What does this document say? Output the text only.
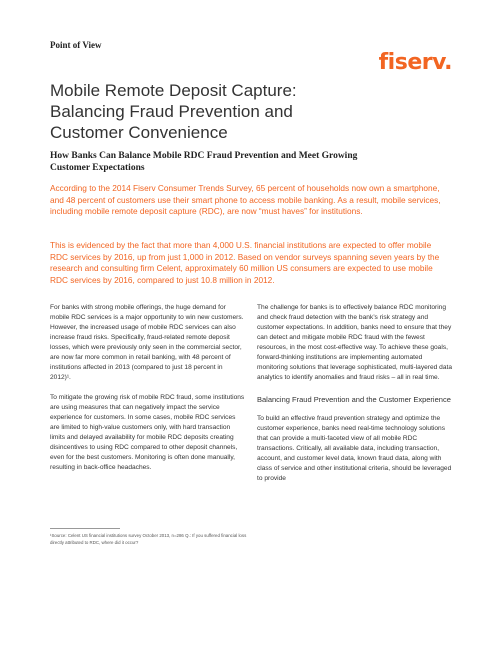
Point of View
fiserv.
Mobile Remote Deposit Capture: Balancing Fraud Prevention and Customer Convenience
How Banks Can Balance Mobile RDC Fraud Prevention and Meet Growing Customer Expectations

According to the 2014 Fiserv Consumer Trends Survey, 65 percent of households now own a smartphone, and 48 percent of customers use their smart phone to access mobile banking. As a result, mobile services, including mobile remote deposit capture (RDC), are now “must haves” for institutions.

This is evidenced by the fact that more than 4,000 U.S. financial institutions are expected to offer mobile RDC services by 2016, up from just 1,000 in 2012. Based on vendor surveys spanning seven years by the research and consulting firm Celent, approximately 60 million US consumers are expected to use mobile RDC services by 2016, compared to just 10.8 million in 2012.

For banks with strong mobile offerings, the huge demand for mobile RDC services is a major opportunity to win new customers. However, the increased usage of mobile RDC services can also increase fraud risks. Specifically, fraud-related remote deposit losses, which were previously only seen in the commercial sector, are now far more common in retail banking, with 48 percent of institutions affected in 2013 (compared to just 18 percent in 2012)¹.

To mitigate the growing risk of mobile RDC fraud, some institutions are using measures that can negatively impact the service experience for customers. In some cases, mobile RDC services are limited to high-value customers only, with hard transaction limits and delayed availability for mobile RDC deposits creating disincentives to using RDC compared to other deposit channels, even for the best customers. Monitoring is often done manually, resulting in back-office headaches.

¹Source: Celent US financial institutions survey October 2013, n=286 Q.: If you suffered financial loss directly attributed to RDC, where did it occur?

The challenge for banks is to effectively balance RDC monitoring and check fraud detection with the bank’s risk strategy and customer expectations. In addition, banks need to ensure that they can detect and mitigate mobile RDC fraud with the fewest resources, in the most cost-effective way. To achieve these goals, forward-thinking institutions are implementing automated monitoring solutions that leverage sophisticated, multi-layered data analytics to identify anomalies and fraud risks – all in real time.

Balancing Fraud Prevention and the Customer Experience

To build an effective fraud prevention strategy and optimize the customer experience, banks need real-time technology solutions that can provide a multi-faceted view of all mobile RDC transactions. Critically, all available data, including transaction, account, and customer level data, known fraud data, along with class of service and other institutional criteria, should be leveraged to provide
